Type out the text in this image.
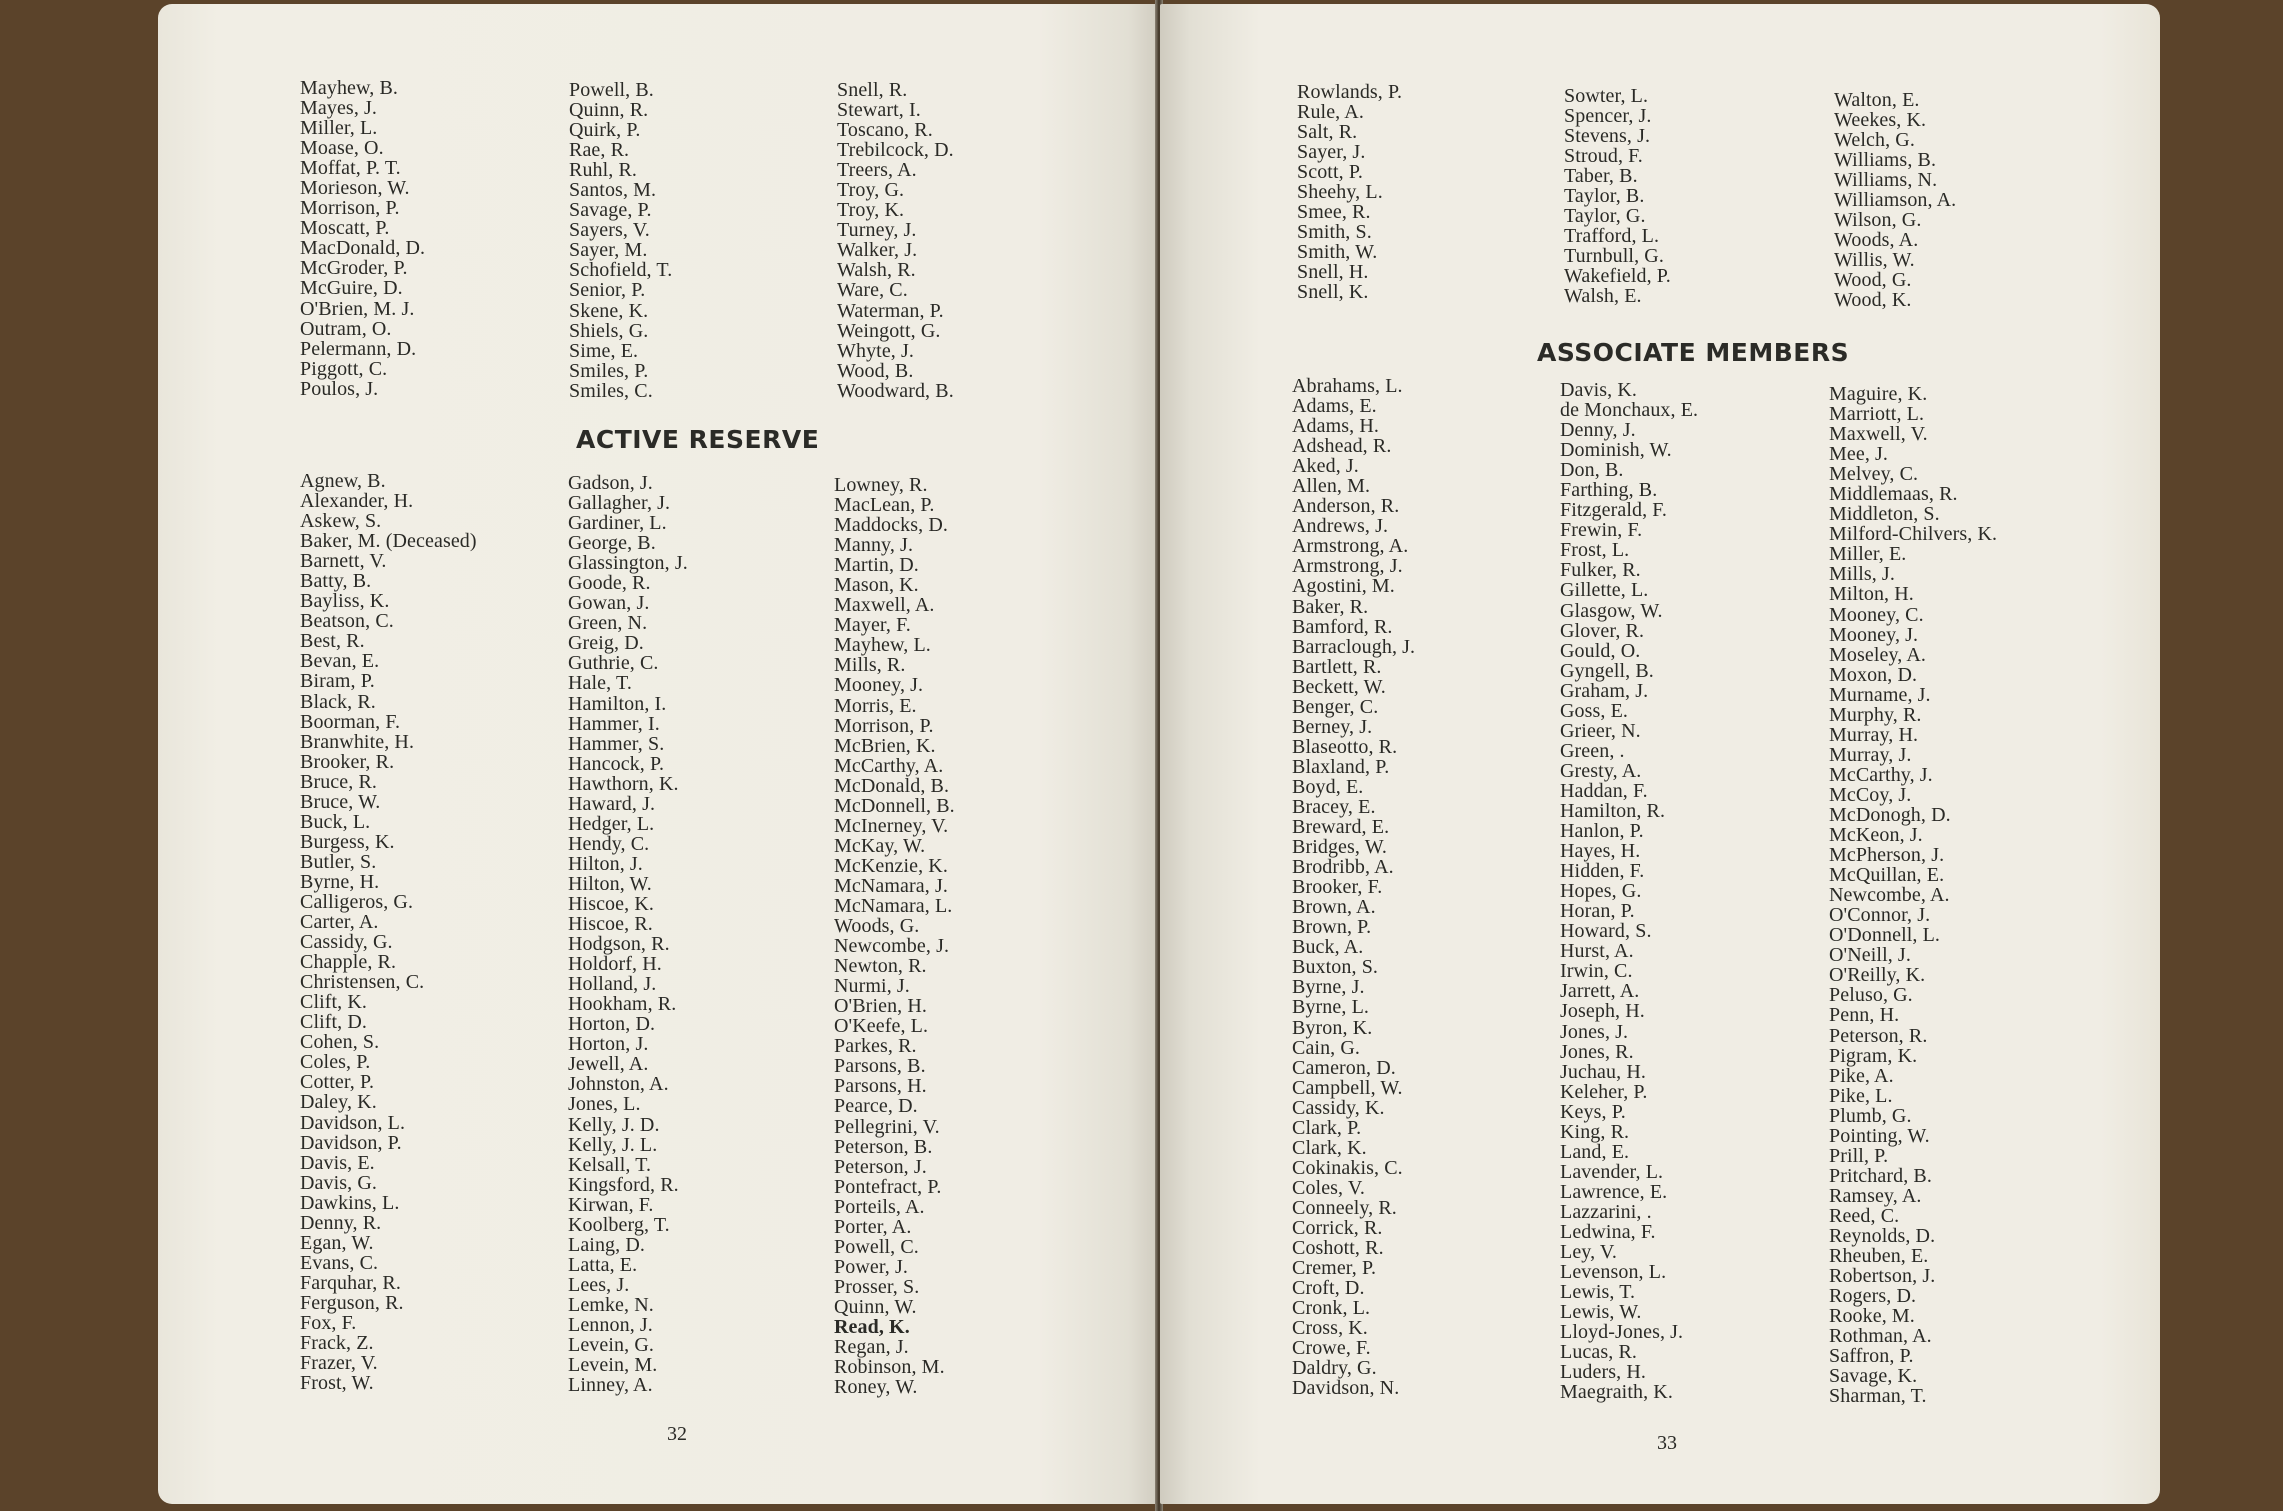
Mayhew, B.
Mayes, J.
Miller, L.
Moase, O.
Moffat, P. T.
Morieson, W.
Morrison, P.
Moscatt, P.
MacDonald, D.
McGroder, P.
McGuire, D.
O'Brien, M. J.
Outram, O.
Pelermann, D.
Piggott, C.
Poulos, J.
Powell, B.
Quinn, R.
Quirk, P.
Rae, R.
Ruhl, R.
Santos, M.
Savage, P.
Sayers, V.
Sayer, M.
Schofield, T.
Senior, P.
Skene, K.
Shiels, G.
Sime, E.
Smiles, P.
Smiles, C.
Snell, R.
Stewart, I.
Toscano, R.
Trebilcock, D.
Treers, A.
Troy, G.
Troy, K.
Turney, J.
Walker, J.
Walsh, R.
Ware, C.
Waterman, P.
Weingott, G.
Whyte, J.
Wood, B.
Woodward, B.
ACTIVE RESERVE
Agnew, B.
Alexander, H.
Askew, S.
Baker, M. (Deceased)
Barnett, V.
Batty, B.
Bayliss, K.
Beatson, C.
Best, R.
Bevan, E.
Biram, P.
Black, R.
Boorman, F.
Branwhite, H.
Brooker, R.
Bruce, R.
Bruce, W.
Buck, L.
Burgess, K.
Butler, S.
Byrne, H.
Calligeros, G.
Carter, A.
Cassidy, G.
Chapple, R.
Christensen, C.
Clift, K.
Clift, D.
Cohen, S.
Coles, P.
Cotter, P.
Daley, K.
Davidson, L.
Davidson, P.
Davis, E.
Davis, G.
Dawkins, L.
Denny, R.
Egan, W.
Evans, C.
Farquhar, R.
Ferguson, R.
Fox, F.
Frack, Z.
Frazer, V.
Frost, W.
Gadson, J.
Gallagher, J.
Gardiner, L.
George, B.
Glassington, J.
Goode, R.
Gowan, J.
Green, N.
Greig, D.
Guthrie, C.
Hale, T.
Hamilton, I.
Hammer, I.
Hammer, S.
Hancock, P.
Hawthorn, K.
Haward, J.
Hedger, L.
Hendy, C.
Hilton, J.
Hilton, W.
Hiscoe, K.
Hiscoe, R.
Hodgson, R.
Holdorf, H.
Holland, J.
Hookham, R.
Horton, D.
Horton, J.
Jewell, A.
Johnston, A.
Jones, L.
Kelly, J. D.
Kelly, J. L.
Kelsall, T.
Kingsford, R.
Kirwan, F.
Koolberg, T.
Laing, D.
Latta, E.
Lees, J.
Lemke, N.
Lennon, J.
Levein, G.
Levein, M.
Linney, A.
Lowney, R.
MacLean, P.
Maddocks, D.
Manny, J.
Martin, D.
Mason, K.
Maxwell, A.
Mayer, F.
Mayhew, L.
Mills, R.
Mooney, J.
Morris, E.
Morrison, P.
McBrien, K.
McCarthy, A.
McDonald, B.
McDonnell, B.
McInerney, V.
McKay, W.
McKenzie, K.
McNamara, J.
McNamara, L.
Woods, G.
Newcombe, J.
Newton, R.
Nurmi, J.
O'Brien, H.
O'Keefe, L.
Parkes, R.
Parsons, B.
Parsons, H.
Pearce, D.
Pellegrini, V.
Peterson, B.
Peterson, J.
Pontefract, P.
Porteils, A.
Porter, A.
Powell, C.
Power, J.
Prosser, S.
Quinn, W.
Read, K.
Regan, J.
Robinson, M.
Roney, W.
32
Rowlands, P.
Rule, A.
Salt, R.
Sayer, J.
Scott, P.
Sheehy, L.
Smee, R.
Smith, S.
Smith, W.
Snell, H.
Snell, K.
Sowter, L.
Spencer, J.
Stevens, J.
Stroud, F.
Taber, B.
Taylor, B.
Taylor, G.
Trafford, L.
Turnbull, G.
Wakefield, P.
Walsh, E.
Walton, E.
Weekes, K.
Welch, G.
Williams, B.
Williams, N.
Williamson, A.
Wilson, G.
Woods, A.
Willis, W.
Wood, G.
Wood, K.
ASSOCIATE MEMBERS
Abrahams, L.
Adams, E.
Adams, H.
Adshead, R.
Aked, J.
Allen, M.
Anderson, R.
Andrews, J.
Armstrong, A.
Armstrong, J.
Agostini, M.
Baker, R.
Bamford, R.
Barraclough, J.
Bartlett, R.
Beckett, W.
Benger, C.
Berney, J.
Blaseotto, R.
Blaxland, P.
Boyd, E.
Bracey, E.
Breward, E.
Bridges, W.
Brodribb, A.
Brooker, F.
Brown, A.
Brown, P.
Buck, A.
Buxton, S.
Byrne, J.
Byrne, L.
Byron, K.
Cain, G.
Cameron, D.
Campbell, W.
Cassidy, K.
Clark, P.
Clark, K.
Cokinakis, C.
Coles, V.
Conneely, R.
Corrick, R.
Coshott, R.
Cremer, P.
Croft, D.
Cronk, L.
Cross, K.
Crowe, F.
Daldry, G.
Davidson, N.
Davis, K.
de Monchaux, E.
Denny, J.
Dominish, W.
Don, B.
Farthing, B.
Fitzgerald, F.
Frewin, F.
Frost, L.
Fulker, R.
Gillette, L.
Glasgow, W.
Glover, R.
Gould, O.
Gyngell, B.
Graham, J.
Goss, E.
Grieer, N.
Green, .
Gresty, A.
Haddan, F.
Hamilton, R.
Hanlon, P.
Hayes, H.
Hidden, F.
Hopes, G.
Horan, P.
Howard, S.
Hurst, A.
Irwin, C.
Jarrett, A.
Joseph, H.
Jones, J.
Jones, R.
Juchau, H.
Keleher, P.
Keys, P.
King, R.
Land, E.
Lavender, L.
Lawrence, E.
Lazzarini, .
Ledwina, F.
Ley, V.
Levenson, L.
Lewis, T.
Lewis, W.
Lloyd-Jones, J.
Lucas, R.
Luders, H.
Maegraith, K.
Maguire, K.
Marriott, L.
Maxwell, V.
Mee, J.
Melvey, C.
Middlemaas, R.
Middleton, S.
Milford-Chilvers, K.
Miller, E.
Mills, J.
Milton, H.
Mooney, C.
Mooney, J.
Moseley, A.
Moxon, D.
Murname, J.
Murphy, R.
Murray, H.
Murray, J.
McCarthy, J.
McCoy, J.
McDonogh, D.
McKeon, J.
McPherson, J.
McQuillan, E.
Newcombe, A.
O'Connor, J.
O'Donnell, L.
O'Neill, J.
O'Reilly, K.
Peluso, G.
Penn, H.
Peterson, R.
Pigram, K.
Pike, A.
Pike, L.
Plumb, G.
Pointing, W.
Prill, P.
Pritchard, B.
Ramsey, A.
Reed, C.
Reynolds, D.
Rheuben, E.
Robertson, J.
Rogers, D.
Rooke, M.
Rothman, A.
Saffron, P.
Savage, K.
Sharman, T.
33
